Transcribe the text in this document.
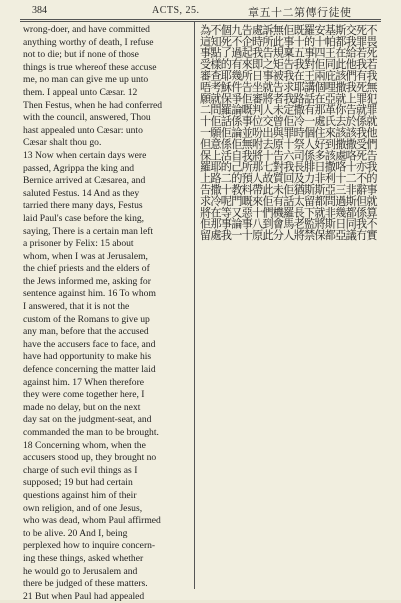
384	ACTS, 25.	章五十二第傳行徒使
wrong-doer, and have committed
anything worthy of death, I refuse
not to die; but if none of those
things is true whereof these accuse
me, no man can give me up unto
them. I appeal unto Cæsar. 12
Then Festus, when he had conferred
with the council, answered, Thou
hast appealed unto Cæsar: unto
Cæsar shalt thou go.
13 Now when certain days were
passed, Agrippa the king and
Bernice arrived at Cæsarea, and
saluted Festus. 14 And as they
tarried there many days, Festus
laid Paul's case before the king,
saying, There is a certain man left
a prisoner by Felix: 15 about
whom, when I was at Jerusalem,
the chief priests and the elders of
the Jews informed me, asking for
sentence against him. 16 To whom
I answered, that it is not the
custom of the Romans to give up
any man, before that the accused
have the accusers face to face, and
have had opportunity to make his
defence concerning the matter laid
against him. 17 When therefore
they were come together here, I
made no delay, but on the next
day sat on the judgment-seat, and
commanded the man to be brought.
18 Concerning whom, when the
accusers stood up, they brought no
charge of such evil things as I
supposed; 19 but had certain
questions against him of their
own religion, and of one Jesus,
who was dead, whom Paul affirmed
to be alive. 20 And I, being
perplexed how to inquire concern-
ing these things, asked whether
he would go to Jerusalem and
there be judged of these matters.
21 But when Paul had appealed
不畏死若我無犯罪就他們告我的事就算不實
死罪若我有死罪就係我受死亦不辭但係我冇
交我給他們我上告於該撒咯十二非斯都同議
斯都在此該撒就你去該撒處咯十三過幾日亞
基帕王同庇哩亞革氏來到該撒利亞問非斯都
安十四佢兩個在那處住好多日非斯都就將保
羅的事對王講話有一個人係腓力斯留下監禁
既十五我在耶路撒冷時祭司長及猶太長老將
佢事稟告我求我定佢罪十六我回佢話羅馬人
無此規矩被告者未曾與原告對質未有機會分
訴所告之事就將人交出去十七故此佢們到此
處時我即日坐審判位吩咐將那人帶來十八原
告企起來所告佢嘅事並無我所預料嘅惡事十
九不過有幾件爭論係論佢自己的教門又論一
個死了的耶穌保羅話佢係活的二十呢等事我
不知點樣查考就問佢願意上耶路撒冷在那處
為這事受審唔願二十一但保羅上告求將佢留
